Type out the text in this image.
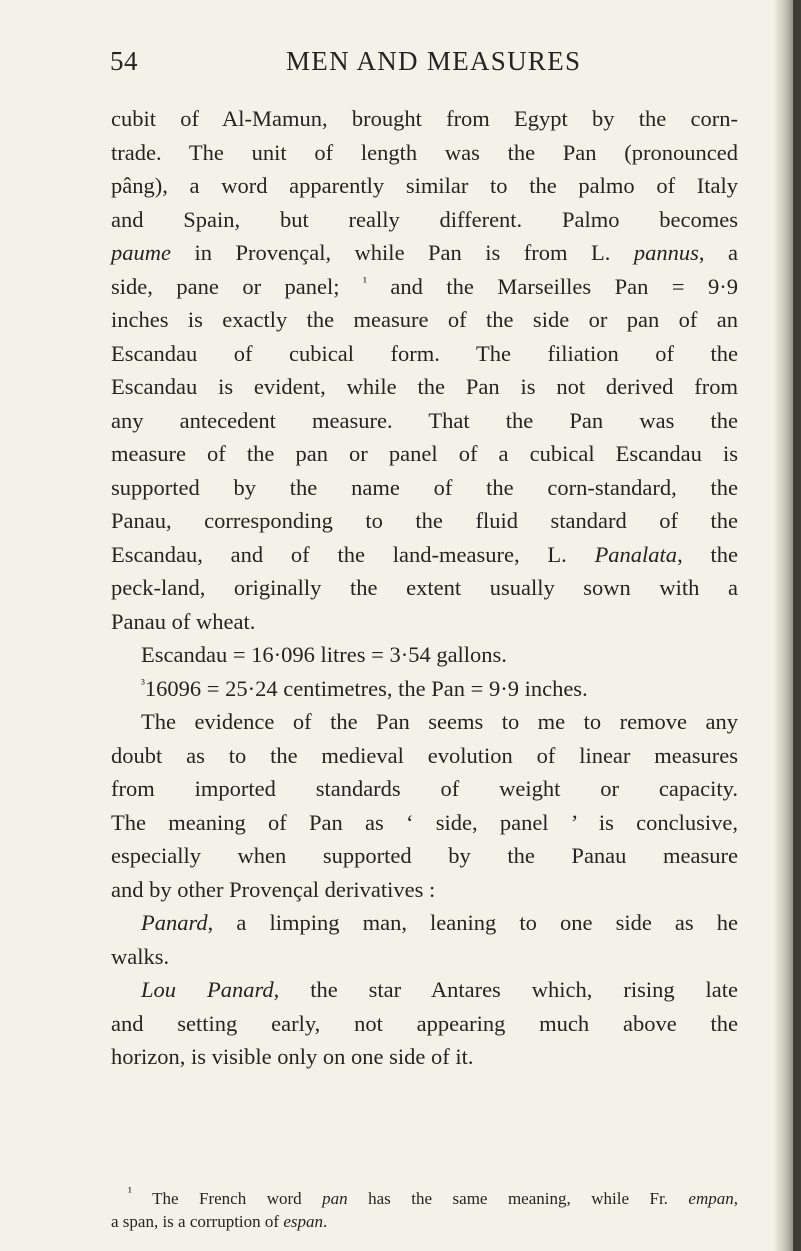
54	MEN AND MEASURES
cubit of Al-Mamun, brought from Egypt by the corn-
trade. The unit of length was the Pan (pronounced
pâng), a word apparently similar to the palmo of Italy
and Spain, but really different. Palmo becomes
paume in Provençal, while Pan is from L. pannus, a
side, pane or panel; $^{^1}$ and the Marseilles Pan = 9·9
inches is exactly the measure of the side or pan of an
Escandau of cubical form. The filiation of the
Escandau is evident, while the Pan is not derived from
any antecedent measure. That the Pan was the
measure of the pan or panel of a cubical Escandau is
supported by the name of the corn-standard, the
Panau, corresponding to the fluid standard of the
Escandau, and of the land-measure, L. Panalata, the
peck-land, originally the extent usually sown with a
Panau of wheat.
Escandau = 16·096 litres = 3·54 gallons.
$^{^3}$16096 = 25·24 centimetres, the Pan = 9·9 inches.
The evidence of the Pan seems to me to remove any
doubt as to the medieval evolution of linear measures
from imported standards of weight or capacity.
The meaning of Pan as ‘ side, panel ’ is conclusive,
especially when supported by the Panau measure
and by other Provençal derivatives :
Panard, a limping man, leaning to one side as he
walks.
Lou Panard, the star Antares which, rising late
and setting early, not appearing much above the
horizon, is visible only on one side of it.
$^{^1}$ The French word pan has the same meaning, while Fr. empan,
a span, is a corruption of espan.
